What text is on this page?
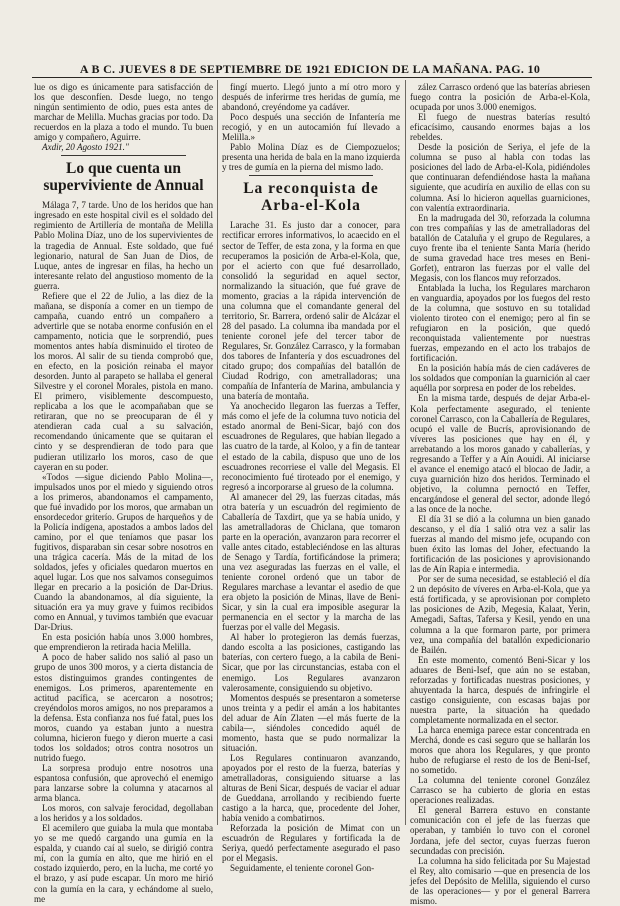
A B C. JUEVES 8 DE SEPTIEMBRE DE 1921 EDICION DE LA MAÑANA. PAG. 10

lue os digo es únicamente para satisfacción de los que desconfíen. Desde luego, no tengo ningún sentimiento de odio, pues esta antes de marchar de Melilla. Muchas gracias por todo. Da recuerdos en la plaza a todo el mundo. Tu buen amigo y compañero, Aguirre.

Axdir, 20 Agosto 1921."

Lo que cuenta un superviviente de Annual

Málaga 7, 7 tarde. Uno de los heridos que han ingresado en este hospital civil es el soldado del regimiento de Artillería de montaña de Melilla Pablo Molina Díaz, uno de los supervivientes de la tragedia de Annual. Este soldado, que fué legionario, natural de San Juan de Dios, de Luque, antes de ingresar en filas, ha hecho un interesante relato del angustioso momento de la guerra.

Refiere que el 22 de Julio, a las diez de la mañana, se disponía a comer en un tiempo de campaña, cuando entró un compañero a advertirle que se notaba enorme confusión en el campamento, noticia que le sorprendió, pues momentos antes había disminuido el tiroteo de los moros. Al salir de su tienda comprobó que, en efecto, en la posición reinaba el mayor desorden. Junto al parapeto se hallaba el general Silvestre y el coronel Morales, pistola en mano. El primero, visiblemente descompuesto, replicaba a los que le acompañaban que se retiraran, que no se preocuparan de él y atendieran cada cual a su salvación, recomendando únicamente que se quitaran el cinto y se desprendieran de todo para que pudieran utilizarlo los moros, caso de que cayeran en su poder.

«Todos —sigue diciendo Pablo Molina—, impulsados unos por el miedo y siguiendo otros a los primeros, abandonamos el campamento, que fué invadido por los moros, que armaban un ensordecedor griterío. Grupos de harqueños y de la Policía indígena, apostados a ambos lados del camino, por el que teníamos que pasar los fugitivos, disparaban sin cesar sobre nosotros en una trágica cacería. Más de la mitad de los soldados, jefes y oficiales quedaron muertos en aquel lugar. Los que nos salvamos conseguimos llegar en precario a la posición de Dar-Drius. Cuando la abandonamos, al día siguiente, la situación era ya muy grave y fuimos recibidos como en Annual, y tuvimos también que evacuar Dar-Drius.

En esta posición había unos 3.000 hombres, que emprendieron la retirada hacia Melilla.

A poco de haber salido nos salió al paso un grupo de unos 300 moros, y a cierta distancia de estos distinguimos grandes contingentes de enemigos. Los primeros, aparentemente en actitud pacífica, se acercaron a nosotros; creyéndolos moros amigos, no nos preparamos a la defensa. Esta confianza nos fué fatal, pues los moros, cuando ya estaban junto a nuestra columna, hicieron fuego y dieron muerte a casi todos los soldados; otros contra nosotros un nutrido fuego.

La sorpresa produjo entre nosotros una espantosa confusión, que aprovechó el enemigo para lanzarse sobre la columna y atacarnos al arma blanca.

Los moros, con salvaje ferocidad, degollaban a los heridos y a los soldados.

El acemilero que guiaba la mula que montaba yo se me quedó cargando una gumía en la espalda, y cuando caí al suelo, se dirigió contra mí, con la gumía en alto, que me hirió en el costado izquierdo, pero, en la lucha, me corté yo el brazo, y así pude escapar. Un moro me hirió con la gumía en la cara, y echándome al suelo, me

fingí muerto. Llegó junto a mí otro moro y después de inferirme tres heridas de gumía, me abandonó, creyéndome ya cadáver.

Poco después una sección de Infantería me recogió, y en un autocamión fuí llevado a Melilla.»

Pablo Molina Díaz es de Ciempozuelos; presenta una herida de bala en la mano izquierda y tres de gumía en la pierna del mismo lado.

La reconquista de Arba-el-Kola

Larache 31. Es justo dar a conocer, para rectificar errores informativos, lo acaecido en el sector de Teffer, de esta zona, y la forma en que recuperamos la posición de Arba-el-Kola, que, por el acierto con que fué desarrollado, consolidó la seguridad en aquel sector, normalizando la situación, que fué grave de momento, gracias a la rápida intervención de una columna que el comandante general del territorio, Sr. Barrera, ordenó salir de Alcázar el 28 del pasado. La columna iba mandada por el teniente coronel jefe del tercer tabor de Regulares, Sr. González Carrasco, y la formaban dos tabores de Infantería y dos escuadrones del citado grupo; dos compañías del batallón de Ciudad Rodrigo, con ametralladoras; una compañía de Infantería de Marina, ambulancia y una batería de montaña.

Ya anochecido llegaron las fuerzas a Teffer, más como el jefe de la columna tuvo noticia del estado anormal de Beni-Sicar, bajó con dos escuadrones de Regulares, que habían llegado a las cuatro de la tarde, al Koloo, y a fin de tantear el estado de la cabila, dispuso que uno de los escuadrones recorriese el valle del Megasis. El reconocimiento fué tiroteado por el enemigo, y regresó a incorporarse al grueso de la columna.

Al amanecer del 29, las fuerzas citadas, más otra batería y un escuadrón del regimiento de Caballería de Taxdirt, que ya se había unido, y las ametralladoras de Chiclana, que tomaron parte en la operación, avanzaron para recorrer el valle antes citado, estableciéndose en las alturas de Senago y Tardía, fortificándose la primera; una vez aseguradas las fuerzas en el valle, el teniente coronel ordenó que un tabor de Regulares marchase a levantar el asedio de que era objeto la posición de Minas, llave de Beni-Sicar, y sin la cual era imposible asegurar la permanencia en el sector y la marcha de las fuerzas por el valle del Megasis.

Al haber lo protegieron las demás fuerzas, dando escolta a las posiciones, castigando las baterías, con certero fuego, a la cabila de Beni-Sicar, que por las circunstancias, estaba con el enemigo. Los Regulares avanzaron valerosamente, consiguiendo su objetivo.

Momentos después se presentaron a someterse unos treinta y a pedir el amán a los habitantes del aduar de Aín Zlaten —el más fuerte de la cabila—, siéndoles concedido aquél de momento, hasta que se pudo normalizar la situación.

Los Regulares continuaron avanzando, apoyados por el resto de la fuerza, baterías y ametralladoras, consiguiendo situarse a las alturas de Beni Sicar, después de vaciar el aduar de Gueddana, arrollando y recibiendo fuerte castigo a la harca, que, procedente del Joher, había venido a combatirnos.

Reforzada la posición de Mimat con un escuadrón de Regulares y fortificada la de Seriya, quedó perfectamente asegurado el paso por el Megasis.

Seguidamente, el teniente coronel Gon-

zález Carrasco ordenó que las baterías abriesen fuego contra la posición de Arba-el-Kola, ocupada por unos 3.000 enemigos.

El fuego de nuestras baterías resultó eficacísimo, causando enormes bajas a los rebeldes.

Desde la posición de Seriya, el jefe de la columna se puso al habla con todas las posiciones del lado de Arba-el-Kola, pidiéndoles que continuaran defendiéndose hasta la mañana siguiente, que acudiría en auxilio de ellas con su columna. Así lo hicieron aquellas guarniciones, con valentía extraordinaria.

En la madrugada del 30, reforzada la columna con tres compañías y las de ametralladoras del batallón de Cataluña y el grupo de Regulares, a cuyo frente iba el teniente Santa María (herido de suma gravedad hace tres meses en Beni-Gorfet), entraron las fuerzas por el valle del Megasis, con los flancos muy reforzados.

Entablada la lucha, los Regulares marcharon en vanguardia, apoyados por los fuegos del resto de la columna, que sostuvo en su totalidad violento tiroteo con el enemigo; pero al fin se refugiaron en la posición, que quedó reconquistada valientemente por nuestras fuerzas, empezando en el acto los trabajos de fortificación.

En la posición había más de cien cadáveres de los soldados que componían la guarnición al caer aquélla por sorpresa en poder de los rebeldes.

En la misma tarde, después de dejar Arba-el-Kola perfectamente asegurado, el teniente coronel Carrasco, con la Caballería de Regulares, ocupó el valle de Bucrís, aprovisionando de víveres las posiciones que hay en él, y arrebatando a los moros ganado y caballerías, y regresando a Teffer y a Aín Aouidi. Al iniciarse el avance el enemigo atacó el blocao de Jadir, a cuya guarnición hizo dos heridos. Terminado el objetivo, la columna pernoctó en Teffer, encargándose el general del sector, adonde llegó a las once de la noche.

El día 31 se dió a la columna un bien ganado descanso, y el día 1 salió otra vez a salir las fuerzas al mando del mismo jefe, ocupando con buen éxito las lomas del Joher, efectuando la fortificación de las posiciones y aprovisionando las de Aín Rapia e intermedia.

Por ser de suma necesidad, se estableció el día 2 un depósito de víveres en Arba-el-Kola, que ya está fortificada, y se aprovisionan por completo las posiciones de Azib, Megesia, Kalaat, Yerin, Amegadi, Saftas, Tafersa y Kesil, yendo en una columna a la que formaron parte, por primera vez, una compañía del batallón expedicionario de Bailén.

En este momento, comentó Beni-Sicar y los aduares de Beni-Isef, que aún no se estaban, reforzadas y fortificadas nuestras posiciones, y ahuyentada la harca, después de infringirle el castigo consiguiente, con escasas bajas por nuestra parte, la situación ha quedado completamente normalizada en el sector.

La harca enemiga parece estar concentrada en Merchá, donde es casi seguro que se hallarán los moros que ahora los Regulares, y que pronto hubo de refugiarse el resto de los de Beni-Isef, no sometido.

La columna del teniente coronel González Carrasco se ha cubierto de gloria en estas operaciones realizadas.

El general Barrera estuvo en constante comunicación con el jefe de las fuerzas que operaban, y también lo tuvo con el coronel Jordana, jefe del sector, cuyas fuerzas fueron secundadas con precisión.

La columna ha sido felicitada por Su Majestad el Rey, alto comisario —que en presencia de los jefes del Depósito de Melilla, siguiendo el curso de las operaciones— y por el general Barrera mismo.
